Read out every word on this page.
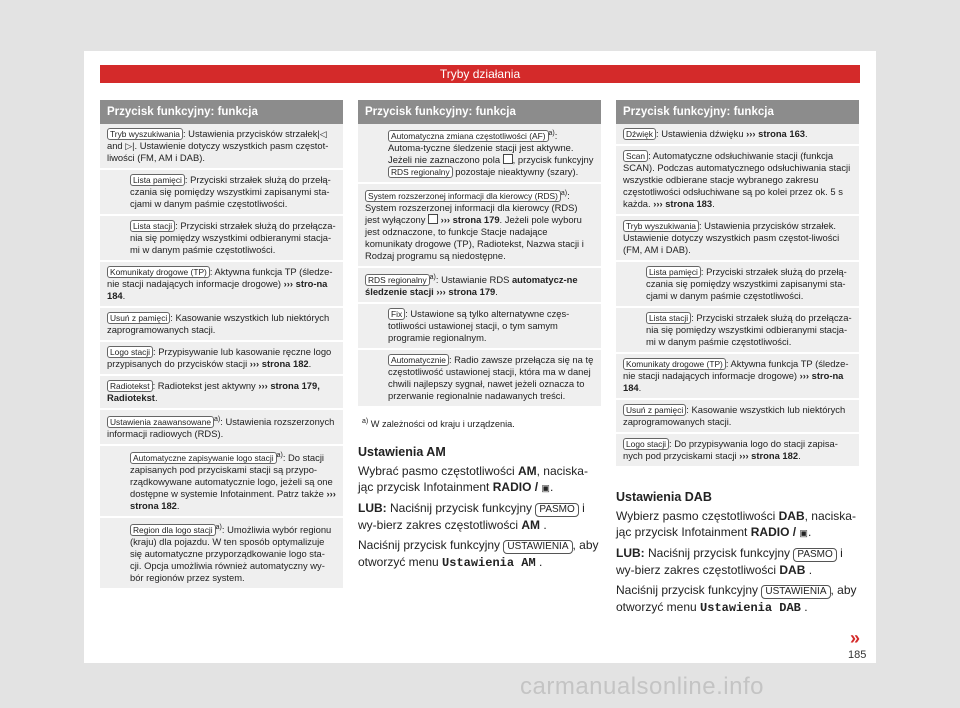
Tryby działania
Przycisk funkcyjny: funkcja
Tryb wyszukiwania : Ustawienia przycisków strzałek|◁ and ▷|. Ustawienie dotyczy wszystkich pasm częstot-liwości (FM, AM i DAB).
Lista pamięci : Przyciski strzałek służą do przełą-czania się pomiędzy wszystkimi zapisanymi sta-cjami w danym paśmie częstotliwości.
Lista stacji : Przyciski strzałek służą do przełącza-nia się pomiędzy wszystkimi odbieranymi stacja-mi w danym paśmie częstotliwości.
Komunikaty drogowe (TP) : Aktywna funkcja TP (śledze-nie stacji nadających informacje drogowe) ››› stro-na 184.
Usuń z pamięci : Kasowanie wszystkich lub niektórych zaprogramowanych stacji.
Logo stacji : Przypisywanie lub kasowanie ręczne logo przypisanych do przycisków stacji ››› strona 182.
Radiotekst : Radiotekst jest aktywny ››› strona 179, Radiotekst.
Ustawienia zaawansowane $^{a)}$: Ustawienia rozszerzonych informacji radiowych (RDS).
Automatyczne zapisywanie logo stacji $^{a)}$: Do stacji zapisanych pod przyciskami stacji są przypo-rządkowywane automatycznie logo, jeżeli są one dostępne w systemie Infotainment. Patrz także ››› strona 182.
Region dla logo stacji $^{a)}$: Umożliwia wybór regionu (kraju) dla pojazdu. W ten sposób optymalizuje się automatyczne przyporządkowanie logo sta-cji. Opcja umożliwia również automatyczny wy-bór regionów przez system.
Przycisk funkcyjny: funkcja
Automatyczna zmiana częstotliwości (AF) $^{a)}$: Automa-tyczne śledzenie stacji jest aktywne. Jeżeli nie zaznaczono pola , przycisk funkcyjny RDS regionalny pozostaje nieaktywny (szary).
System rozszerzonej informacji dla kierowcy (RDS) $^{a)}$: System rozszerzonej informacji dla kierowcy (RDS) jest wyłączony  ››› strona 179. Jeżeli pole wyboru jest odznaczone, to funkcje Stacje nadające komunikaty drogowe (TP), Radiotekst, Nazwa stacji i Rodzaj programu są niedostępne.
RDS regionalny $^{a)}$: Ustawianie RDS automatycz-ne śledzenie stacji ››› strona 179.
Fix : Ustawione są tylko alternatywne częs-totliwości ustawionej stacji, o tym samym programie regionalnym.
Automatycznie : Radio zawsze przełącza się na tę częstotliwość ustawionej stacji, która ma w danej chwili najlepszy sygnał, nawet jeżeli oznacza to przerwanie regionalnie nadawanych treści.
$^{a)}$ W zależności od kraju i urządzenia.
Ustawienia AM
Wybrać pasmo częstotliwości AM, naciska-jąc przycisk Infotainment RADIO / ▣.
LUB: Naciśnij przycisk funkcyjny PASMO i wy-bierz zakres częstotliwości AM .
Naciśnij przycisk funkcyjny USTAWIENIA , aby otworzyć menu Ustawienia AM .
Przycisk funkcyjny: funkcja
Dźwięk : Ustawienia dźwięku ››› strona 163.
Scan : Automatyczne odsłuchiwanie stacji (funkcja SCAN). Podczas automatycznego odsłuchiwania stacji wszystkie odbierane stacje wybranego zakresu częstotliwości odsłuchiwane są po kolei przez ok. 5 s każda. ››› strona 183.
Tryb wyszukiwania : Ustawienia przycisków strzałek. Ustawienie dotyczy wszystkich pasm częstot-liwości (FM, AM i DAB).
Lista pamięci : Przyciski strzałek służą do przełą-czania się pomiędzy wszystkimi zapisanymi sta-cjami w danym paśmie częstotliwości.
Lista stacji : Przyciski strzałek służą do przełącza-nia się pomiędzy wszystkimi odbieranymi stacja-mi w danym paśmie częstotliwości.
Komunikaty drogowe (TP) : Aktywna funkcja TP (śledze-nie stacji nadających informacje drogowe) ››› stro-na 184.
Usuń z pamięci : Kasowanie wszystkich lub niektórych zaprogramowanych stacji.
Logo stacji : Do przypisywania logo do stacji zapisa-nych pod przyciskami stacji ››› strona 182.
Ustawienia DAB
Wybierz pasmo częstotliwości DAB, naciska-jąc przycisk Infotainment RADIO / ▣.
LUB: Naciśnij przycisk funkcyjny PASMO i wy-bierz zakres częstotliwości DAB .
Naciśnij przycisk funkcyjny USTAWIENIA , aby otworzyć menu Ustawienia DAB .
»
185
carmanualsonline.info
